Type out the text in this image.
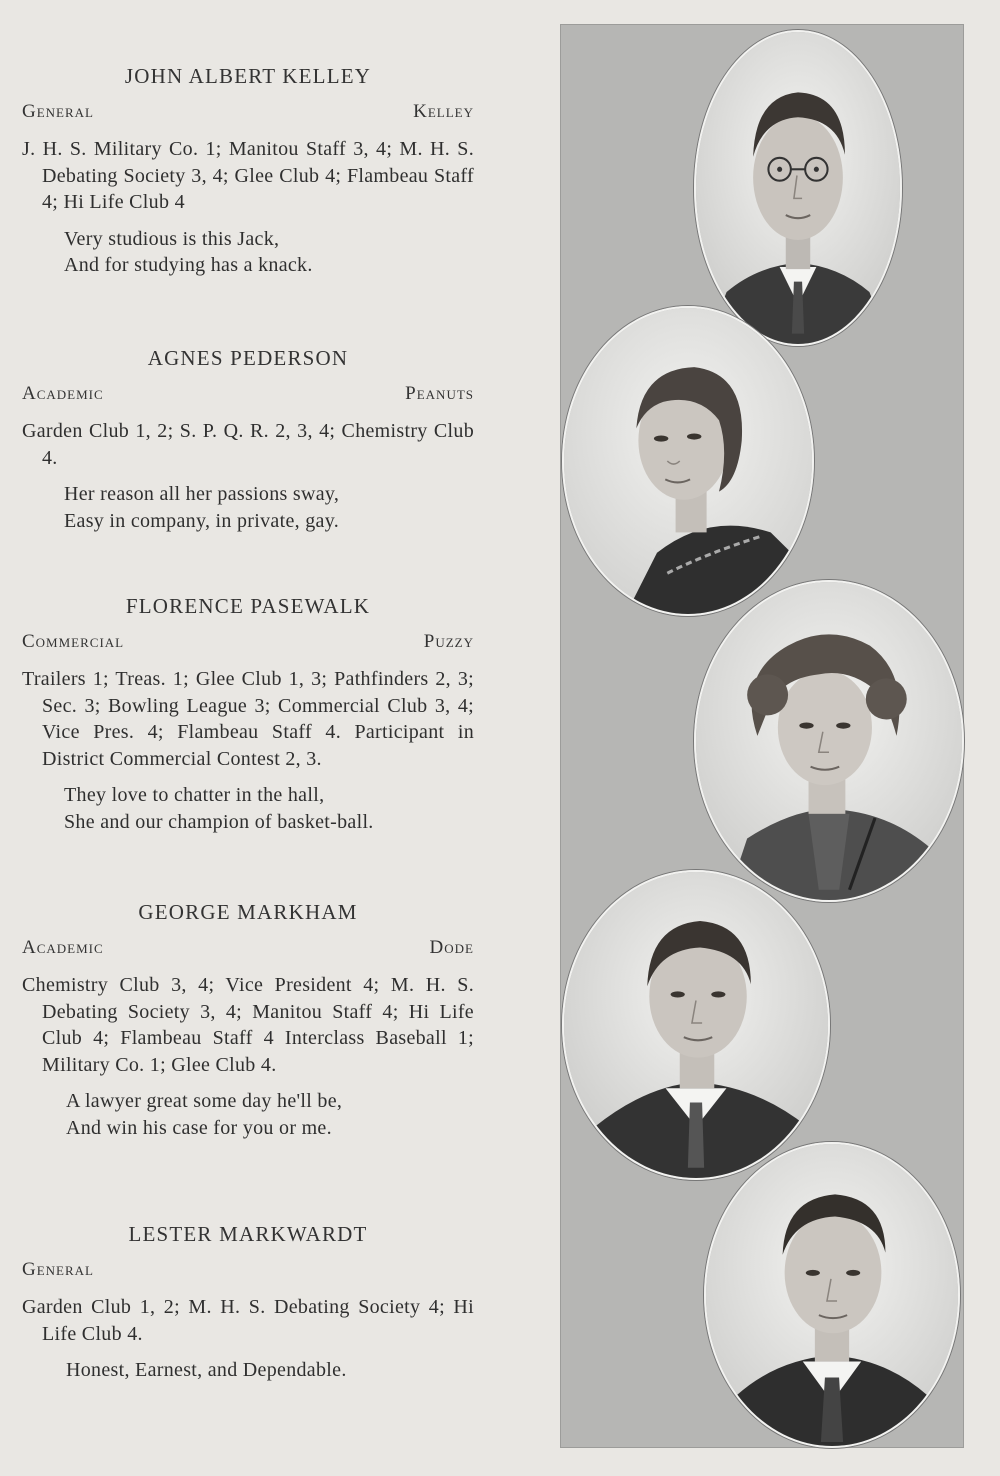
JOHN ALBERT KELLEY
General	Kelley
J. H. S. Military Co. 1; Manitou Staff 3, 4; M. H. S. Debating Society 3, 4; Glee Club 4; Flambeau Staff 4; Hi Life Club 4
Very studious is this Jack,
And for studying has a knack.
AGNES PEDERSON
Academic	Peanuts
Garden Club 1, 2; S. P. Q. R. 2, 3, 4; Chemistry Club 4.
Her reason all her passions sway,
Easy in company, in private, gay.
FLORENCE PASEWALK
Commercial	Puzzy
Trailers 1; Treas. 1; Glee Club 1, 3; Pathfinders 2, 3; Sec. 3; Bowling League 3; Commercial Club 3, 4; Vice Pres. 4; Flambeau Staff 4. Participant in District Commercial Contest 2, 3.
They love to chatter in the hall,
She and our champion of basket-ball.
GEORGE MARKHAM
Academic	Dode
Chemistry Club 3, 4; Vice President 4; M. H. S. Debating Society 3, 4; Manitou Staff 4; Hi Life Club 4; Flambeau Staff 4 Interclass Baseball 1; Military Co. 1; Glee Club 4.
A lawyer great some day he'll be,
And win his case for you or me.
LESTER MARKWARDT
General
Garden Club 1, 2; M. H. S. Debating Society 4; Hi Life Club 4.
Honest, Earnest, and Dependable.
